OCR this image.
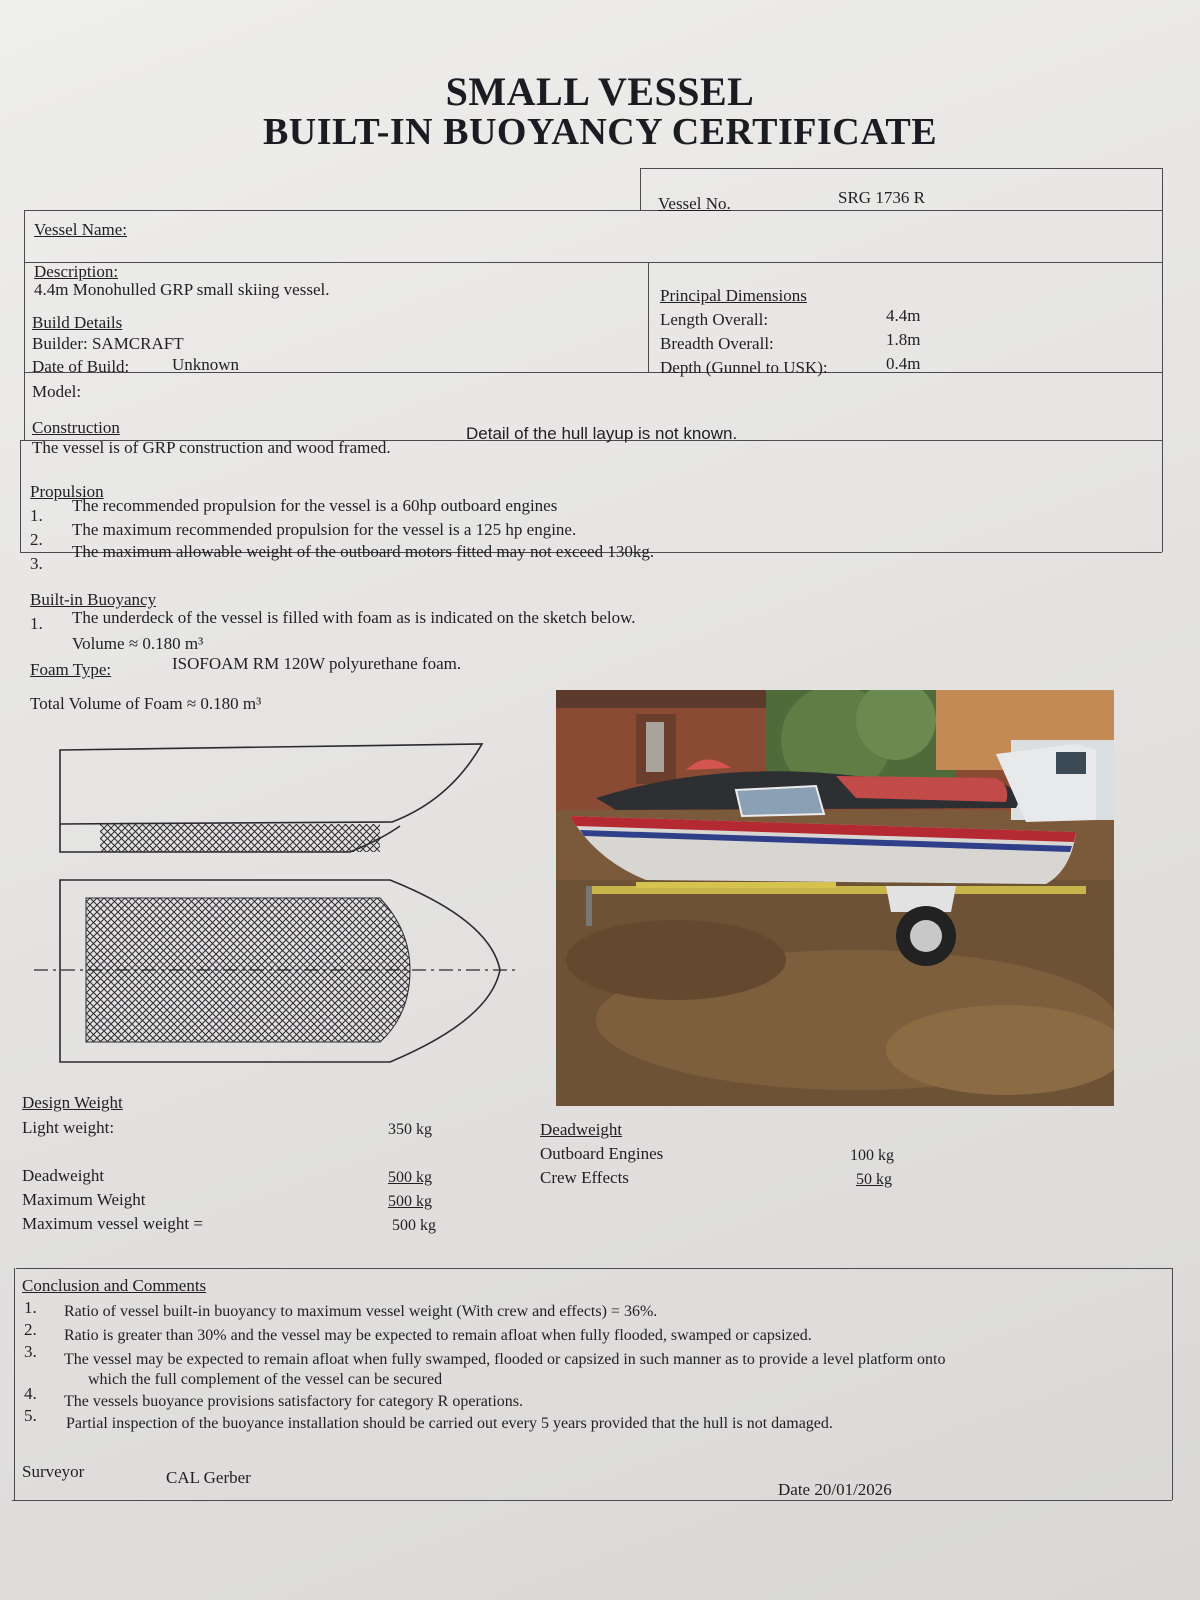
SMALL VESSEL
BUILT-IN BUOYANCY CERTIFICATE
Vessel Name:
Vessel No.	SRG 1736 R
Description:
4.4m Monohulled GRP small skiing vessel.
Build Details
Builder: SAMCRAFT
Date of Build:	Unknown
Model:
Principal Dimensions
Length Overall:	4.4m
Breadth Overall:	1.8m
Depth (Gunnel to USK):	0.4m
Construction
The vessel is of GRP construction and wood framed.
Detail of the hull layup is not known.
Propulsion
1.
The recommended propulsion for the vessel is a 60hp outboard engines
2.
The maximum recommended propulsion for the vessel is a 125 hp engine.
3.
The maximum allowable weight of the outboard motors fitted may not exceed 130kg.
Built-in Buoyancy
1. The underdeck of the vessel is filled with foam as is indicated on the sketch below.
Volume ≈ 0.180 m³
Foam Type:	ISOFOAM RM 120W polyurethane foam.
Total Volume of Foam ≈ 0.180 m³
Design Weight
Light weight:	350 kg
Deadweight	500 kg
Maximum Weight	500 kg
Maximum vessel weight =	500 kg
Deadweight
Outboard Engines	100 kg
Crew Effects	50 kg
Conclusion and Comments
1. Ratio of vessel built-in buoyancy to maximum vessel weight (With crew and effects) = 36%.
2. Ratio is greater than 30% and the vessel may be expected to remain afloat when fully flooded, swamped or capsized.
3. The vessel may be expected to remain afloat when fully swamped, flooded or capsized in such manner as to provide a level platform onto
which the full complement of the vessel can be secured
4. The vessels buoyance provisions satisfactory for category R operations.
5. Partial inspection of the buoyance installation should be carried out every 5 years provided that the hull is not damaged.
Surveyor	CAL Gerber
Date 20/01/2026
